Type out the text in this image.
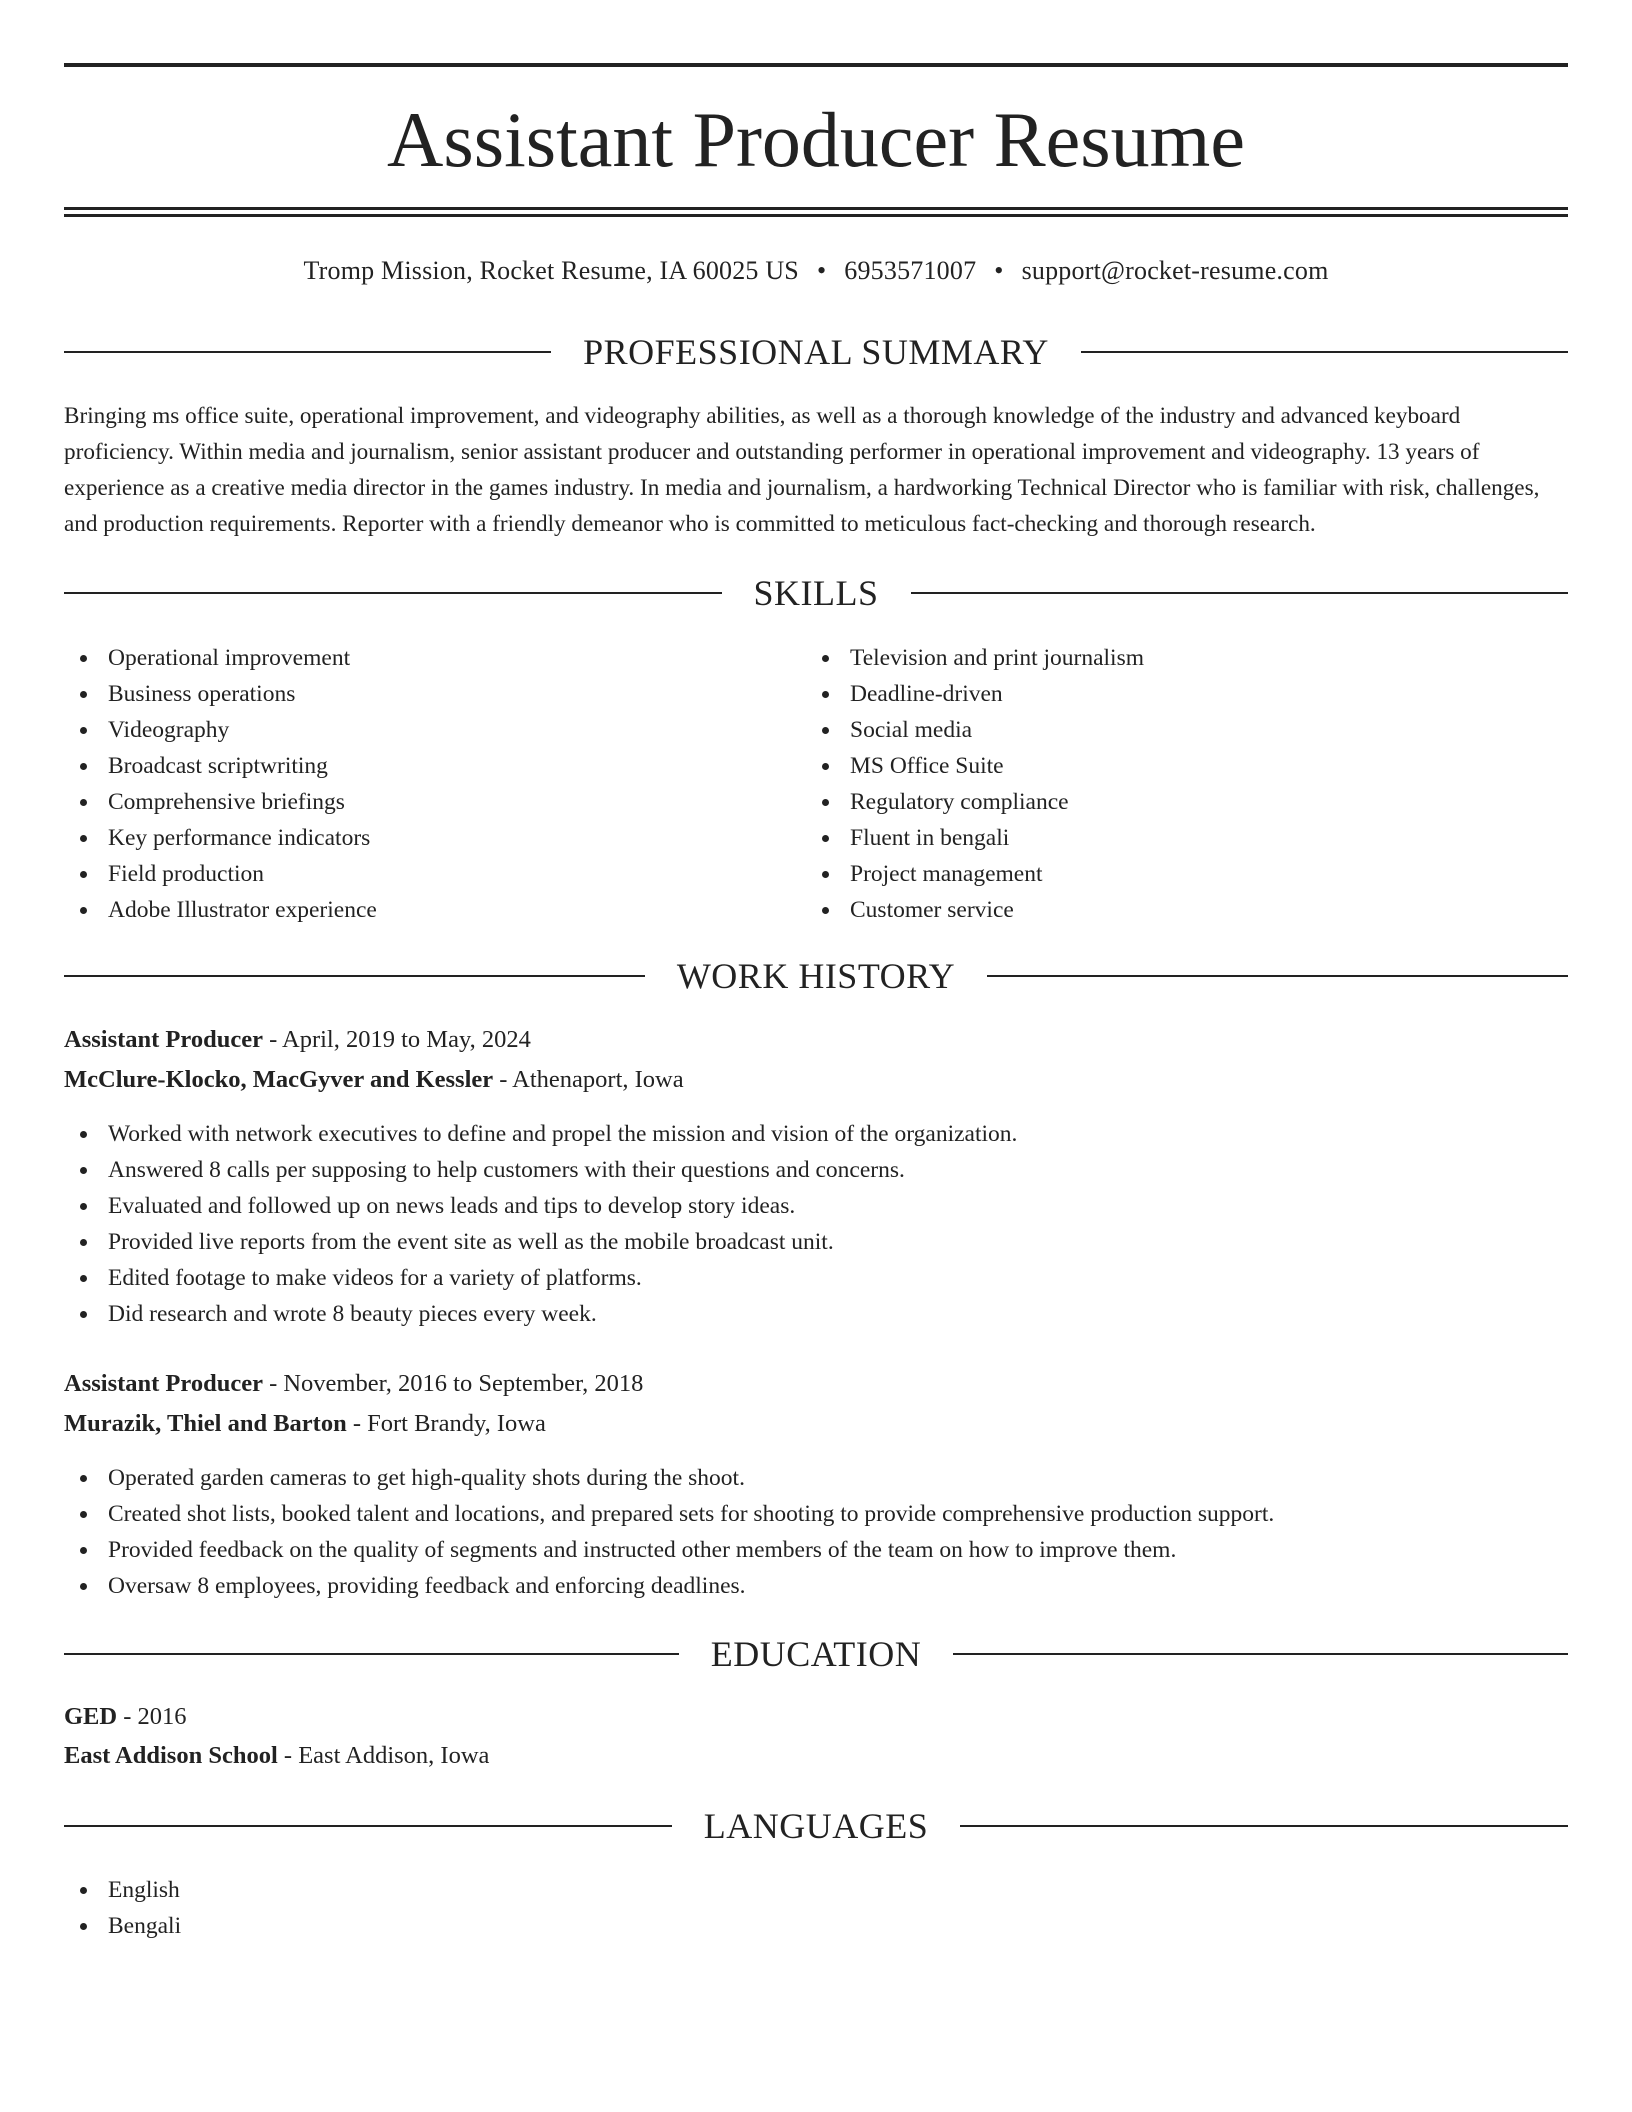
Assistant Producer Resume
Tromp Mission, Rocket Resume, IA 60025 US • 6953571007 • support@rocket-resume.com
PROFESSIONAL SUMMARY

Bringing ms office suite, operational improvement, and videography abilities, as well as a thorough knowledge of the industry and advanced keyboard proficiency. Within media and journalism, senior assistant producer and outstanding performer in operational improvement and videography. 13 years of experience as a creative media director in the games industry. In media and journalism, a hardworking Technical Director who is familiar with risk, challenges, and production requirements. Reporter with a friendly demeanor who is committed to meticulous fact-checking and thorough research.

SKILLS
Operational improvement
Business operations
Videography
Broadcast scriptwriting
Comprehensive briefings
Key performance indicators
Field production
Adobe Illustrator experience
Television and print journalism
Deadline-driven
Social media
MS Office Suite
Regulatory compliance
Fluent in bengali
Project management
Customer service
WORK HISTORY
Assistant Producer - April, 2019 to May, 2024
McClure-Klocko, MacGyver and Kessler - Athenaport, Iowa
Worked with network executives to define and propel the mission and vision of the organization.
Answered 8 calls per supposing to help customers with their questions and concerns.
Evaluated and followed up on news leads and tips to develop story ideas.
Provided live reports from the event site as well as the mobile broadcast unit.
Edited footage to make videos for a variety of platforms.
Did research and wrote 8 beauty pieces every week.
Assistant Producer - November, 2016 to September, 2018
Murazik, Thiel and Barton - Fort Brandy, Iowa
Operated garden cameras to get high-quality shots during the shoot.
Created shot lists, booked talent and locations, and prepared sets for shooting to provide comprehensive production support.
Provided feedback on the quality of segments and instructed other members of the team on how to improve them.
Oversaw 8 employees, providing feedback and enforcing deadlines.
EDUCATION
GED - 2016
East Addison School - East Addison, Iowa
LANGUAGES
English
Bengali
